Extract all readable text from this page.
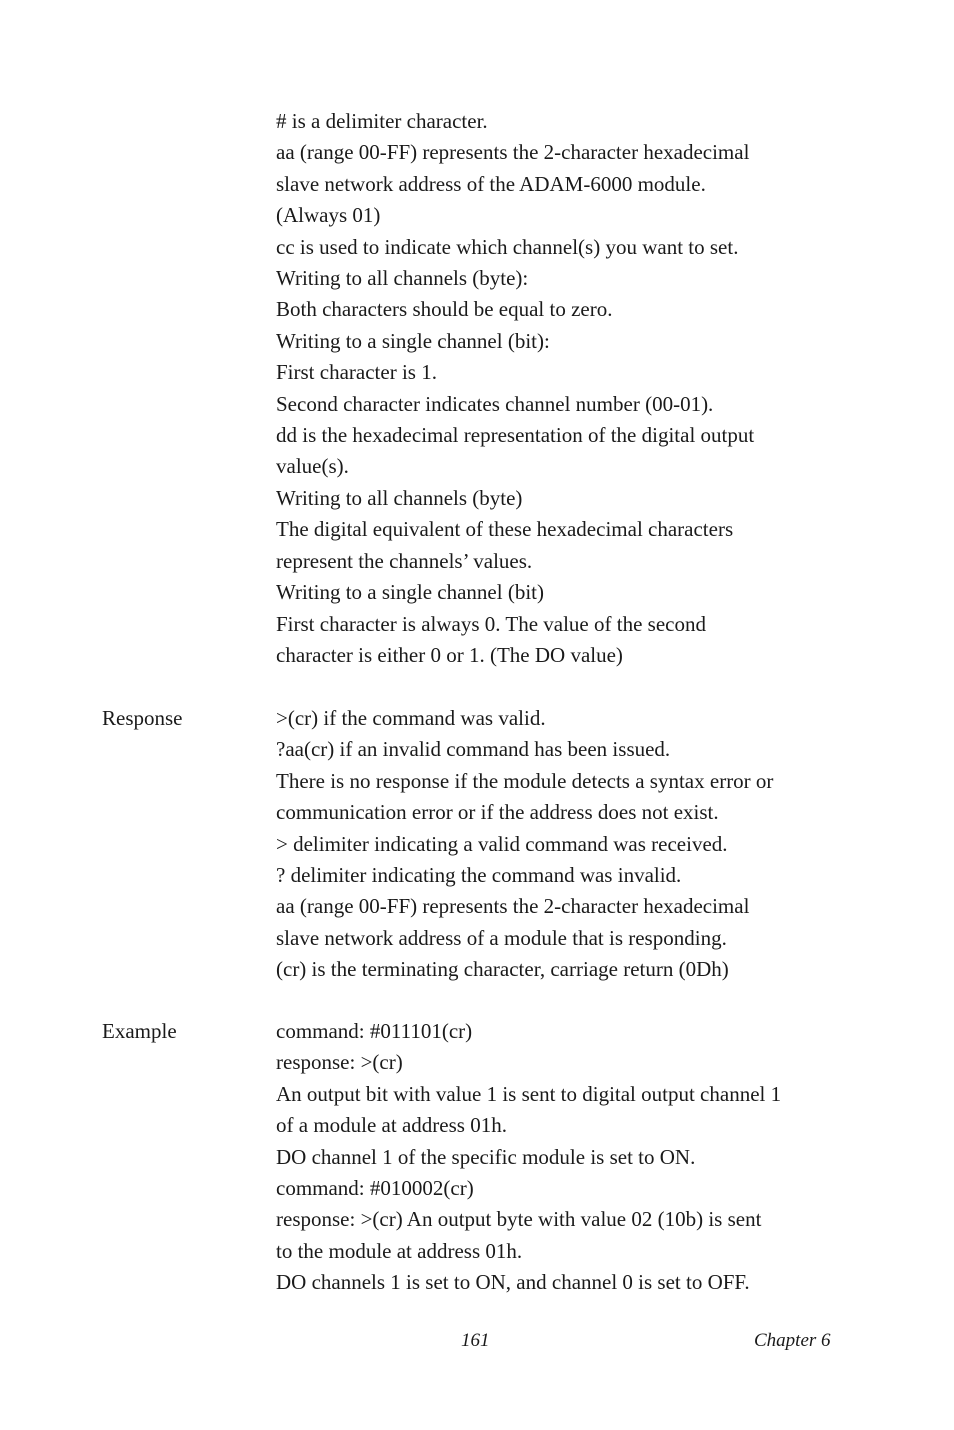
# is a delimiter character.
aa (range 00-FF) represents the 2-character hexadecimal
slave network address of the ADAM-6000 module.
(Always 01)
cc is used to indicate which channel(s) you want to set.
Writing to all channels (byte):
Both characters should be equal to zero.
Writing to a single channel (bit):
First character is 1.
Second character indicates channel number (00-01).
dd is the hexadecimal representation of the digital output
value(s).
Writing to all channels (byte)
The digital equivalent of these hexadecimal characters
represent the channels’ values.
Writing to a single channel (bit)
First character is always 0. The value of the second
character is either 0 or 1. (The DO value)
Response	>(cr) if the command was valid.
?aa(cr) if an invalid command has been issued.
There is no response if the module detects a syntax error or
communication error or if the address does not exist.
> delimiter indicating a valid command was received.
? delimiter indicating the command was invalid.
aa (range 00-FF) represents the 2-character hexadecimal
slave network address of a module that is responding.
(cr) is the terminating character, carriage return (0Dh)
Example	command: #011101(cr)
response: >(cr)
An output bit with value 1 is sent to digital output channel 1
of a module at address 01h.
DO channel 1 of the specific module is set to ON.
command: #010002(cr)
response: >(cr) An output byte with value 02 (10b) is sent
to the module at address 01h.
DO channels 1 is set to ON, and channel 0 is set to OFF.
161	Chapter 6
